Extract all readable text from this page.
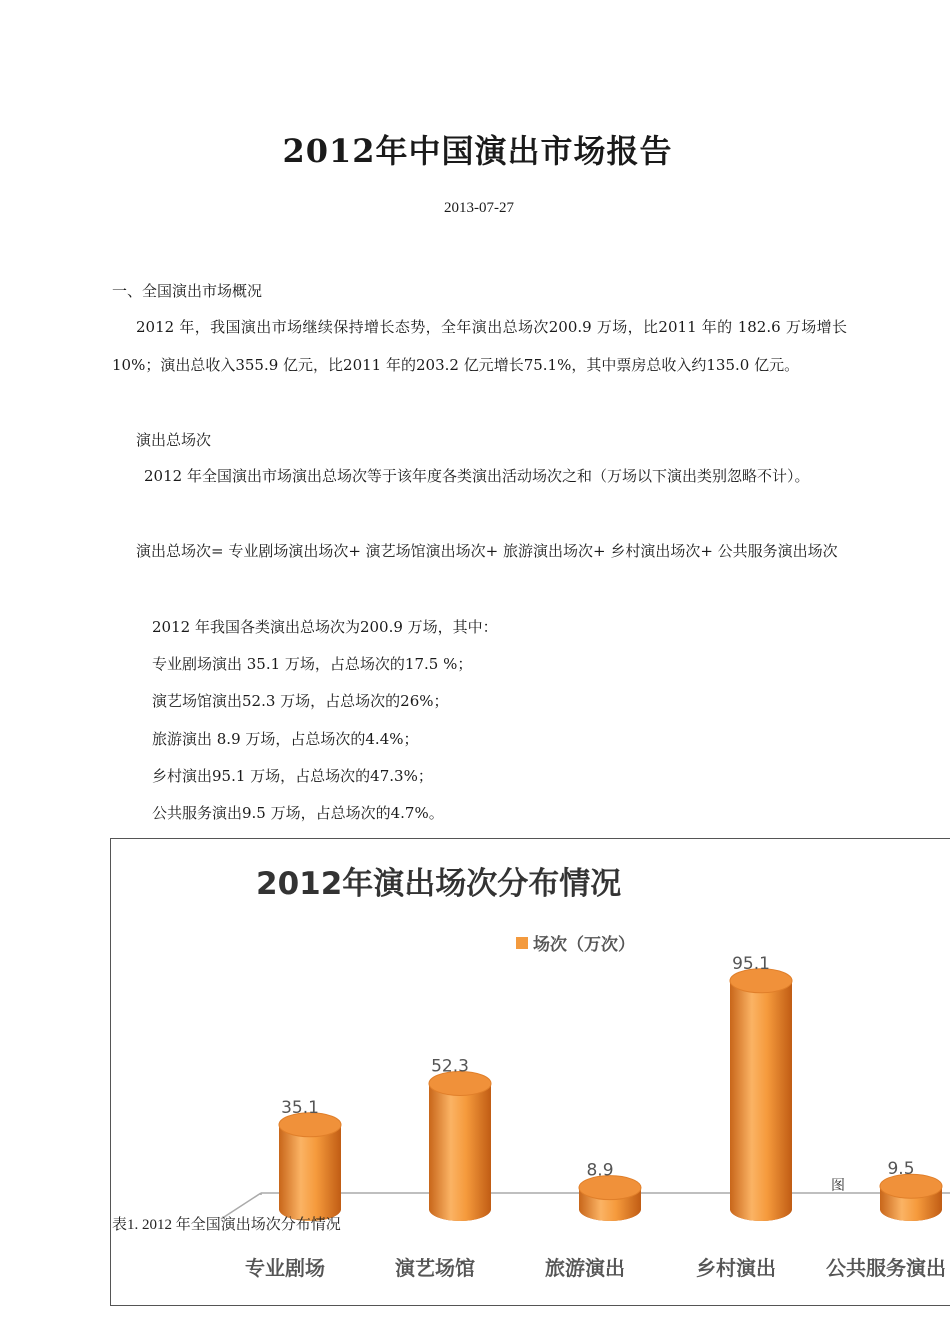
2012年中国演出市场报告
2013-07-27
一、全国演出市场概况

2012 年，我国演出市场继续保持增长态势，全年演出总场次200.9 万场，比2011 年的 182.6 万场增长10%；演出总收入355.9 亿元，比2011 年的203.2 亿元增长75.1%，其中票房总收入约135.0 亿元。

演出总场次

2012 年全国演出市场演出总场次等于该年度各类演出活动场次之和（万场以下演出类别忽略不计）。

演出总场次= 专业剧场演出场次+ 演艺场馆演出场次+ 旅游演出场次+ 乡村演出场次+ 公共服务演出场次

2012 年我国各类演出总场次为200.9 万场，其中：
专业剧场演出 35.1 万场，占总场次的17.5 %；
演艺场馆演出52.3 万场，占总场次的26%；
旅游演出 8.9 万场，占总场次的4.4%；
乡村演出95.1 万场，占总场次的47.3%；
公共服务演出9.5 万场，占总场次的4.7%。
2012年演出场次分布情况
场次（万次）
35.1
52.3
8.9
95.1
9.5
专业剧场	演艺场馆	旅游演出	乡村演出	公共服务演出
表1. 2012 年全国演出场次分布情况
图
